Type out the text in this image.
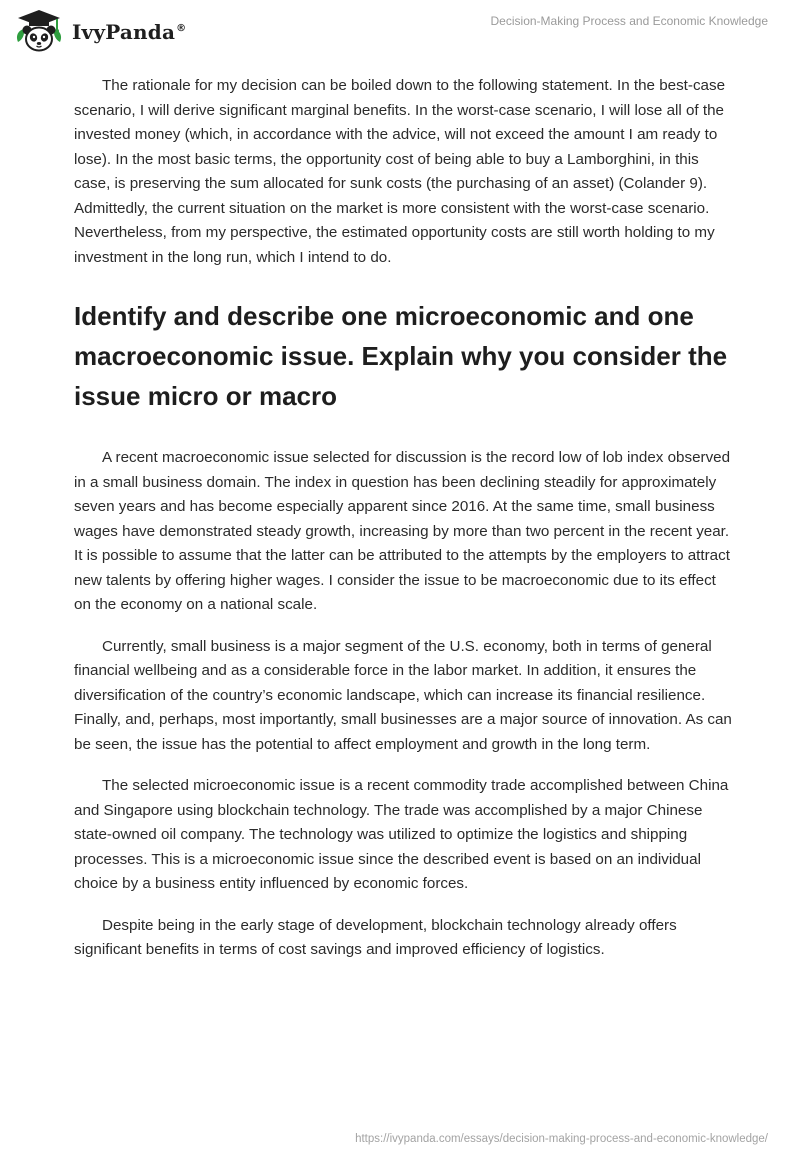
IvyPanda®
Decision-Making Process and Economic Knowledge

The rationale for my decision can be boiled down to the following statement. In the best-case scenario, I will derive significant marginal benefits. In the worst-case scenario, I will lose all of the invested money (which, in accordance with the advice, will not exceed the amount I am ready to lose). In the most basic terms, the opportunity cost of being able to buy a Lamborghini, in this case, is preserving the sum allocated for sunk costs (the purchasing of an asset) (Colander 9). Admittedly, the current situation on the market is more consistent with the worst-case scenario. Nevertheless, from my perspective, the estimated opportunity costs are still worth holding to my investment in the long run, which I intend to do.

Identify and describe one microeconomic and one macroeconomic issue. Explain why you consider the issue micro or macro

A recent macroeconomic issue selected for discussion is the record low of lob index observed in a small business domain. The index in question has been declining steadily for approximately seven years and has become especially apparent since 2016. At the same time, small business wages have demonstrated steady growth, increasing by more than two percent in the recent year. It is possible to assume that the latter can be attributed to the attempts by the employers to attract new talents by offering higher wages. I consider the issue to be macroeconomic due to its effect on the economy on a national scale.

Currently, small business is a major segment of the U.S. economy, both in terms of general financial wellbeing and as a considerable force in the labor market. In addition, it ensures the diversification of the country’s economic landscape, which can increase its financial resilience. Finally, and, perhaps, most importantly, small businesses are a major source of innovation. As can be seen, the issue has the potential to affect employment and growth in the long term.

The selected microeconomic issue is a recent commodity trade accomplished between China and Singapore using blockchain technology. The trade was accomplished by a major Chinese state-owned oil company. The technology was utilized to optimize the logistics and shipping processes. This is a microeconomic issue since the described event is based on an individual choice by a business entity influenced by economic forces.

Despite being in the early stage of development, blockchain technology already offers significant benefits in terms of cost savings and improved efficiency of logistics.

https://ivypanda.com/essays/decision-making-process-and-economic-knowledge/
